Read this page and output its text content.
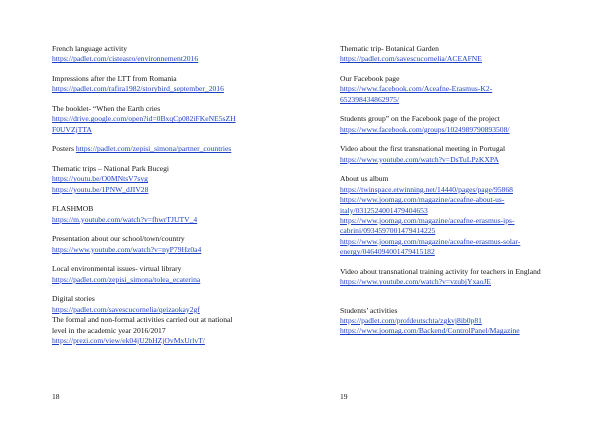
French language activity
https://padlet.com/cisteasro/environnement2016
Impressions after the LTT from Romania
https://padlet.com/rafira1982/storybird_september_2016
The booklet- “When the Earth cries
https://drive.google.com/open?id=0BxqCp082iFKeNE5sZH
F0UVZjTTA
Posters https://padlet.com/zepisi_simona/partner_countries
Thematic trips – National Park Bucegi
https://youtu.be/O0MNtsV7syg
https://youtu.be/1PNW_dJIV28
FLASHMOB
https://m.youtube.com/watch?v=fhwrTJUTV_4
Presentation about our school/town/country
https://www.youtube.com/watch?v=nyP79Hz0a4
Local environmental issues- virtual library
https://padlet.com/zepisi_simona/tolea_ecaterina
Digital stories
https://padlet.com/savescucornelia/qeizaokay2gf
The formal and non-formal activities carried out at national
level in the academic year 2016/2017
https://prezi.com/view/ek04jU2bHZjOvMxUrlvT/
18
Thematic trip- Botanical Garden
https://padlet.com/savescucornelia/ACEAFNE
Our Facebook page
https://www.facebook.com/Aceafne-Erasmus-K2-
652398434862975/
Students group” on the Facebook page of the project
https://www.facebook.com/groups/1024989790893508/
Video about the first transnational meeting in Portugal
https://www.youtube.com/watch?v=DsTuLPzKXPA
About us album
https://twinspace.etwinning.net/14440/pages/page/95868
https://www.joomag.com/magazine/aceafne-about-us-
italy/0312524001479404653
https://www.joomag.com/magazine/aceafne-erasmus-ips-
cabrini/0934597001479414225
https://www.joomag.com/magazine/aceafne-erasmus-solar-
energy/0464094001479415182
Video about transnational training activity for teachers in England
https://www.youtube.com/watch?v=vzubjYxaoJE
Students’ activities
https://padlet.com/profdeutschta/zgkvj8ib0p81
https://www.joomag.com/Backend/ControlPanel/Magazine
19
